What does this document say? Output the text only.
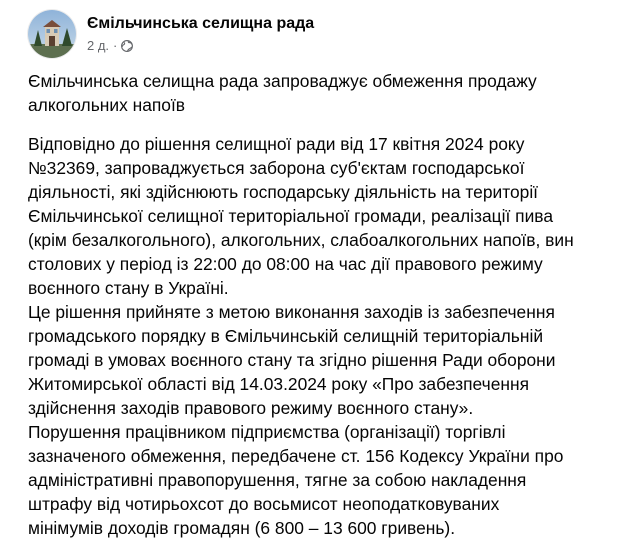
Ємільчинська селищна рада
2 д. ·
Ємільчинська селищна рада запроваджує обмеження продажу
алкогольних напоїв
Відповідно до рішення селищної ради від 17 квітня 2024 року
№32369, запроваджується заборона суб'єктам господарської
діяльності, які здійснюють господарську діяльність на території
Ємільчинської селищної територіальної громади, реалізації пива
(крім безалкогольного), алкогольних, слабоалкогольних напоїв, вин
столових у період із 22:00 до 08:00 на час дії правового режиму
воєнного стану в Україні.
Це рішення прийняте з метою виконання заходів із забезпечення
громадського порядку в Ємільчинській селищній територіальній
громаді в умовах воєнного стану та згідно рішення Ради оборони
Житомирської області від 14.03.2024 року «Про забезпечення
здійснення заходів правового режиму воєнного стану».
Порушення працівником підприємства (організації) торгівлі
зазначеного обмеження, передбачене ст. 156 Кодексу України про
адміністративні правопорушення, тягне за собою накладення
штрафу від чотирьохсот до восьмисот неоподатковуваних
мінімумів доходів громадян (6 800 – 13 600 гривень).
